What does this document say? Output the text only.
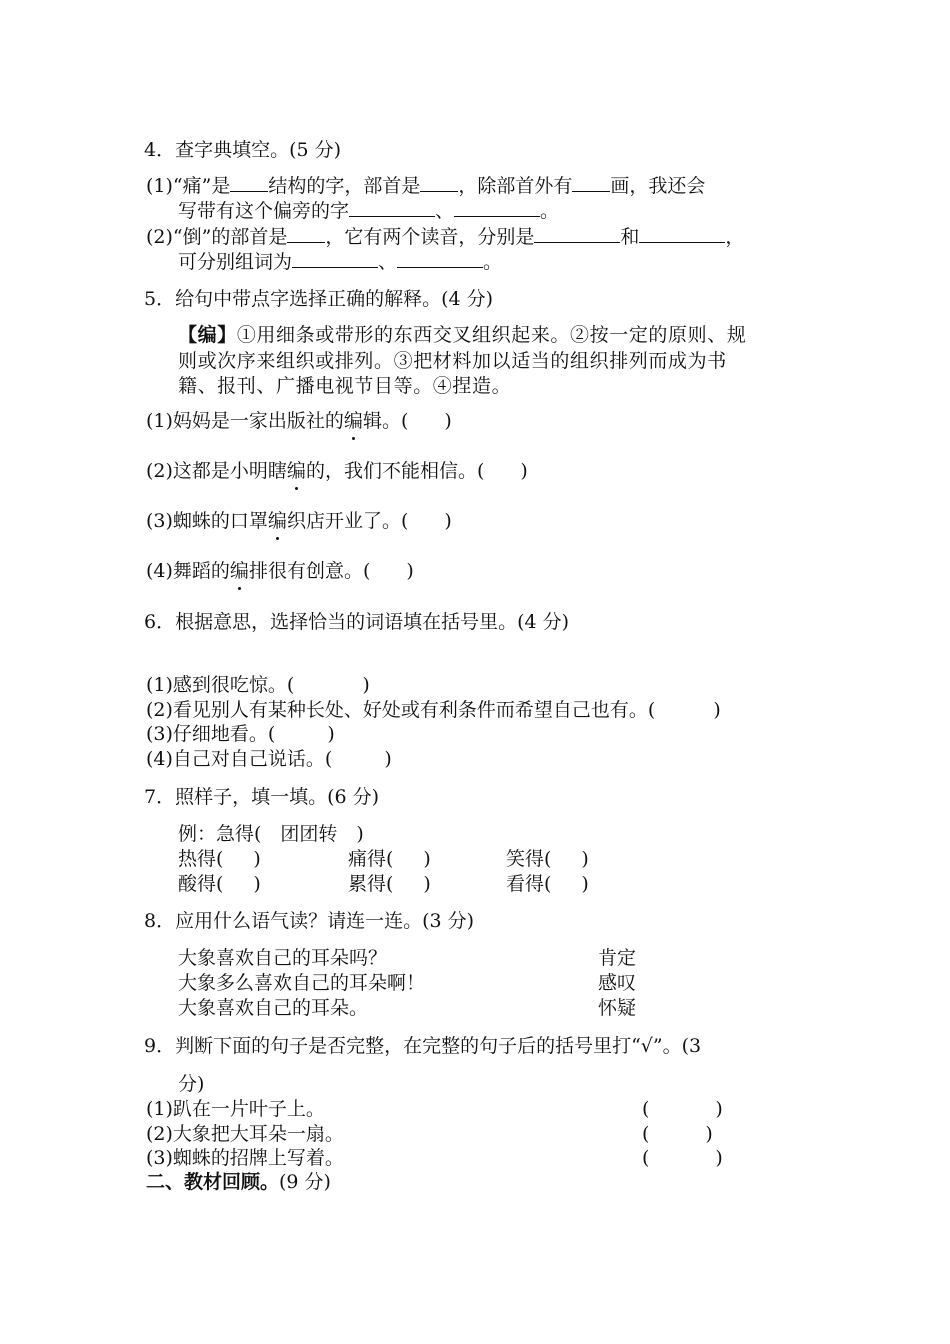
4．查字典填空。(5 分)
(1)“痛”是 结构的字，部首是 ，除部首外有 画，我还会
写带有这个偏旁的字	、	。
(2)“倒”的部首是 ，它有两个读音，分别是	和	，
可分别组词为	、	。
5．给句中带点字选择正确的解释。(4 分)
【编】①用细条或带形的东西交叉组织起来。②按一定的原则、规
则或次序来组织或排列。③把材料加以适当的组织排列而成为书
籍、报刊、广播电视节目等。④捏造。
(1)妈妈是一家出版社的编辑。( )
(2)这都是小明瞎编的，我们不能相信。( )
(3)蜘蛛的口罩编织店开业了。( )
(4)舞蹈的编排很有创意。( )
6．根据意思，选择恰当的词语填在括号里。(4 分)
(1)感到很吃惊。(	)
(2)看见别人有某种长处、好处或有利条件而希望自己也有。(	)
(3)仔细地看。(	)
(4)自己对自己说话。(	)
7．照样子，填一填。(6 分)
例：急得(　团团转　)
热得( )	痛得( )	笑得( )
酸得( )	累得( )	看得( )
8．应用什么语气读？请连一连。(3 分)
大象喜欢自己的耳朵吗？
大象多么喜欢自己的耳朵啊！
大象喜欢自己的耳朵。
肯定
感叹
怀疑
9．判断下面的句子是否完整，在完整的句子后的括号里打“√”。(3
分)
(1)趴在一片叶子上。	(	)
(2)大象把大耳朵一扇。	(	)
(3)蜘蛛的招牌上写着。	(	)
二、教材回顾。(9 分)
